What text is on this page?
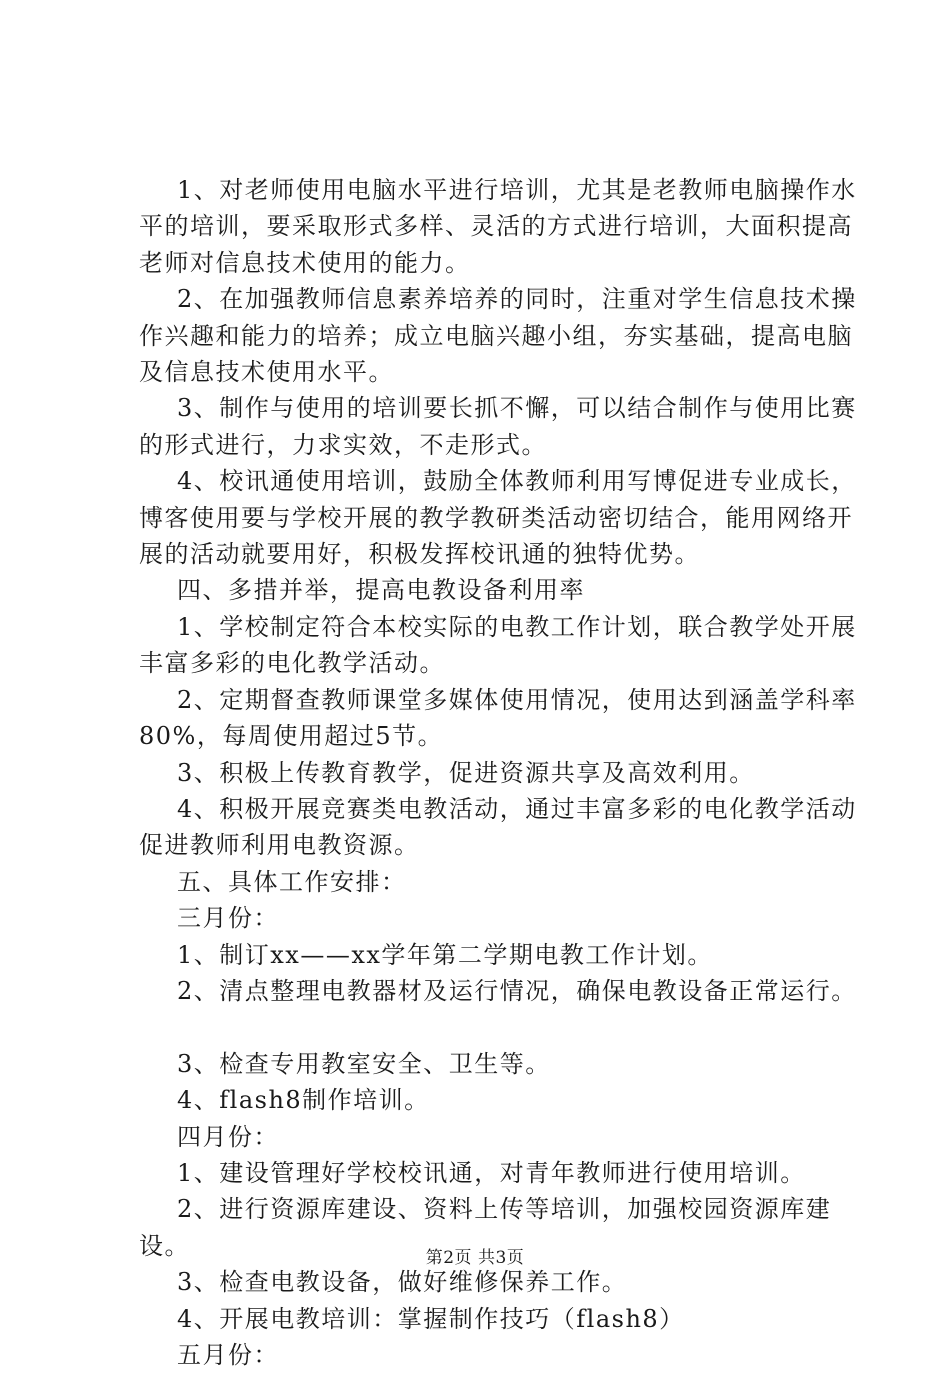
1、对老师使用电脑水平进行培训，尤其是老教师电脑操作水平的培训，要采取形式多样、灵活的方式进行培训，大面积提高老师对信息技术使用的能力。

2、在加强教师信息素养培养的同时，注重对学生信息技术操作兴趣和能力的培养；成立电脑兴趣小组，夯实基础，提高电脑及信息技术使用水平。

3、制作与使用的培训要长抓不懈，可以结合制作与使用比赛的形式进行，力求实效，不走形式。

4、校讯通使用培训，鼓励全体教师利用写博促进专业成长，博客使用要与学校开展的教学教研类活动密切结合，能用网络开展的活动就要用好，积极发挥校讯通的独特优势。

四、多措并举，提高电教设备利用率

1、学校制定符合本校实际的电教工作计划，联合教学处开展丰富多彩的电化教学活动。

2、定期督查教师课堂多媒体使用情况，使用达到涵盖学科率80%，每周使用超过5节。

3、积极上传教育教学，促进资源共享及高效利用。

4、积极开展竞赛类电教活动，通过丰富多彩的电化教学活动促进教师利用电教资源。

五、具体工作安排：

三月份：

1、制订xx——xx学年第二学期电教工作计划。

2、清点整理电教器材及运行情况，确保电教设备正常运行。

3、检查专用教室安全、卫生等。

4、flash8制作培训。

四月份：

1、建设管理好学校校讯通，对青年教师进行使用培训。

2、进行资源库建设、资料上传等培训，加强校园资源库建设。

3、检查电教设备，做好维修保养工作。

4、开展电教培训：掌握制作技巧（flash8）

五月份：

第2页 共3页
